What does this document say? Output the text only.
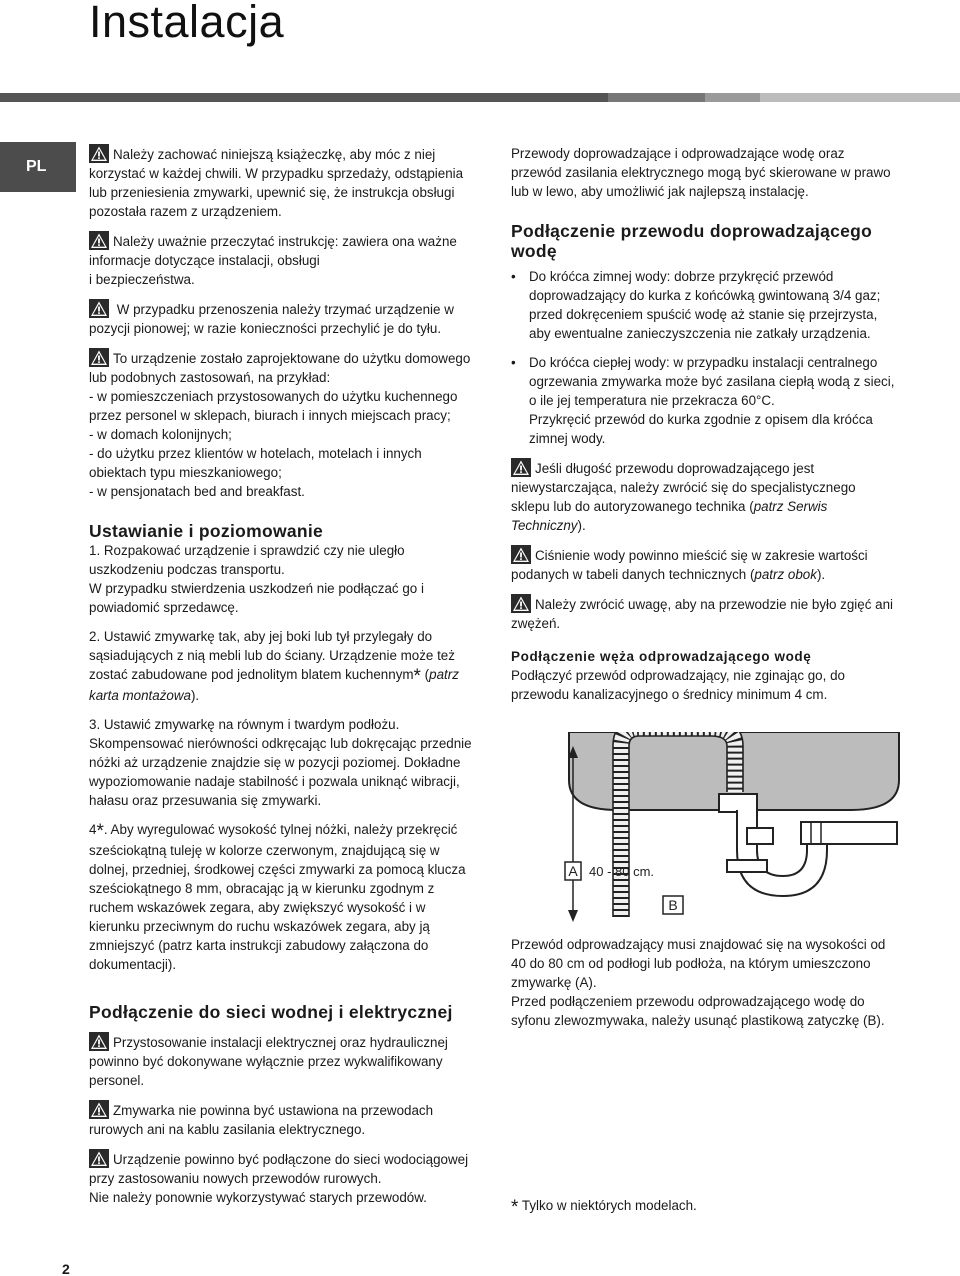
Instalacja
PL

Należy zachować niniejszą książeczkę, aby móc z niej korzystać w każdej chwili. W przypadku sprzedaży, odstąpienia lub przeniesienia zmywarki, upewnić się, że instrukcja obsługi pozostała razem z urządzeniem.

Należy uważnie przeczytać instrukcję: zawiera ona ważne informacje dotyczące instalacji, obsługi
i bezpieczeństwa.

W przypadku przenoszenia należy trzymać urządzenie w pozycji pionowej; w razie konieczności przechylić je do tyłu.

To urządzenie zostało zaprojektowane do użytku domowego lub podobnych zastosowań, na przykład:
- w pomieszczeniach przystosowanych do użytku kuchennego przez personel w sklepach, biurach i innych miejscach pracy;
- w domach kolonijnych;
- do użytku przez klientów w hotelach, motelach i innych obiektach typu mieszkaniowego;
- w pensjonatach bed and breakfast.

Ustawianie i poziomowanie

1. Rozpakować urządzenie i sprawdzić czy nie uległo uszkodzeniu podczas transportu.
W przypadku stwierdzenia uszkodzeń nie podłączać go i powiadomić sprzedawcę.

2. Ustawić zmywarkę tak, aby jej boki lub tył przylegały do sąsiadujących z nią mebli lub do ściany. Urządzenie może też zostać zabudowane pod jednolitym blatem kuchennym* (patrz karta montażowa).

3. Ustawić zmywarkę na równym i twardym podłożu. Skompensować nierówności odkręcając lub dokręcając przednie nóżki aż urządzenie znajdzie się w pozycji poziomej. Dokładne wypoziomowanie nadaje stabilność i pozwala uniknąć wibracji, hałasu oraz przesuwania się zmywarki.

4*. Aby wyregulować wysokość tylnej nóżki, należy przekręcić sześciokątną tuleję w kolorze czerwonym, znajdującą się w dolnej, przedniej, środkowej części zmywarki za pomocą klucza sześciokątnego 8 mm, obracając ją w kierunku zgodnym z ruchem wskazówek zegara, aby zwiększyć wysokość i w kierunku przeciwnym do ruchu wskazówek zegara, aby ją zmniejszyć (patrz karta instrukcji zabudowy załączona do dokumentacji).

Podłączenie do sieci wodnej i elektrycznej

Przystosowanie instalacji elektrycznej oraz hydraulicznej powinno być dokonywane wyłącznie przez wykwalifikowany personel.

Zmywarka nie powinna być ustawiona na przewodach rurowych ani na kablu zasilania elektrycznego.

Urządzenie powinno być podłączone do sieci wodociągowej przy zastosowaniu nowych przewodów rurowych.
Nie należy ponownie wykorzystywać starych przewodów.

Przewody doprowadzające i odprowadzające wodę oraz przewód zasilania elektrycznego mogą być skierowane w prawo lub w lewo, aby umożliwić jak najlepszą instalację.

Podłączenie przewodu doprowadzającego wodę

• Do króćca zimnej wody: dobrze przykręcić przewód doprowadzający do kurka z końcówką gwintowaną 3/4 gaz; przed dokręceniem spuścić wodę aż stanie się przejrzysta, aby ewentualne zanieczyszczenia nie zatkały urządzenia.

• Do króćca ciepłej wody: w przypadku instalacji centralnego ogrzewania zmywarka może być zasilana ciepłą wodą z sieci, o ile jej temperatura nie przekracza 60°C.
Przykręcić przewód do kurka zgodnie z opisem dla króćca zimnej wody.

Jeśli długość przewodu doprowadzającego jest niewystarczająca, należy zwrócić się do specjalistycznego sklepu lub do autoryzowanego technika (patrz Serwis Techniczny).

Ciśnienie wody powinno mieścić się w zakresie wartości podanych w tabeli danych technicznych (patrz obok).

Należy zwrócić uwagę, aby na przewodzie nie było zgięć ani zwężeń.

Podłączenie węża odprowadzającego wodę

Podłączyć przewód odprowadzający, nie zginając go, do przewodu kanalizacyjnego o średnicy minimum 4 cm.

A 40 - 80 cm.
B

Przewód odprowadzający musi znajdować się na wysokości od 40 do 80 cm od podłogi lub podłoża, na którym umieszczono zmywarkę (A).

Przed podłączeniem przewodu odprowadzającego wodę do syfonu zlewozmywaka, należy usunąć plastikową zatyczkę (B).

* Tylko w niektórych modelach.
2
